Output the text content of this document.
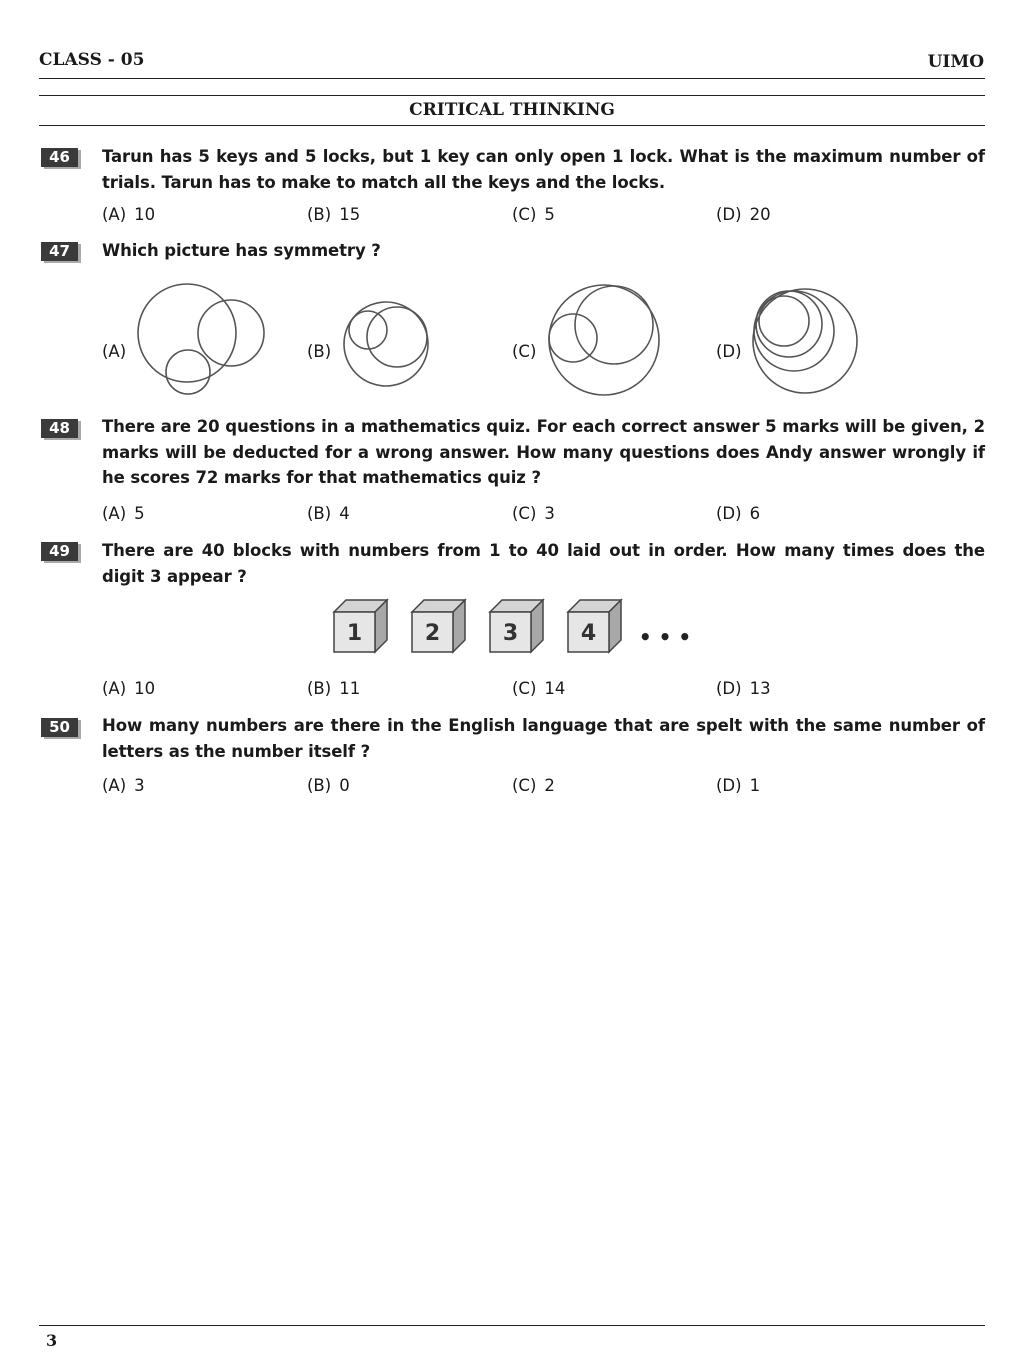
CLASS - 05	UIMO
CRITICAL THINKING
46	Tarun has 5 keys and 5 locks, but 1 key can only open 1 lock. What is the maximum number of trials. Tarun has to make to match all the keys and the locks.
(A) 10	(B) 15	(C) 5	(D) 20
47	Which picture has symmetry ?
(A)	(B)	(C)	(D)
48	There are 20 questions in a mathematics quiz. For each correct answer 5 marks will be given, 2 marks will be deducted for a wrong answer. How many questions does Andy answer wrongly if he scores 72 marks for that mathematics quiz ?
(A) 5	(B) 4	(C) 3	(D) 6
49	There are 40 blocks with numbers from 1 to 40 laid out in order. How many times does the digit 3 appear ?
1	2	3	4 • • •
(A) 10	(B) 11	(C) 14	(D) 13
50	How many numbers are there in the English language that are spelt with the same number of letters as the number itself ?
(A) 3	(B) 0	(C) 2	(D) 1
3
